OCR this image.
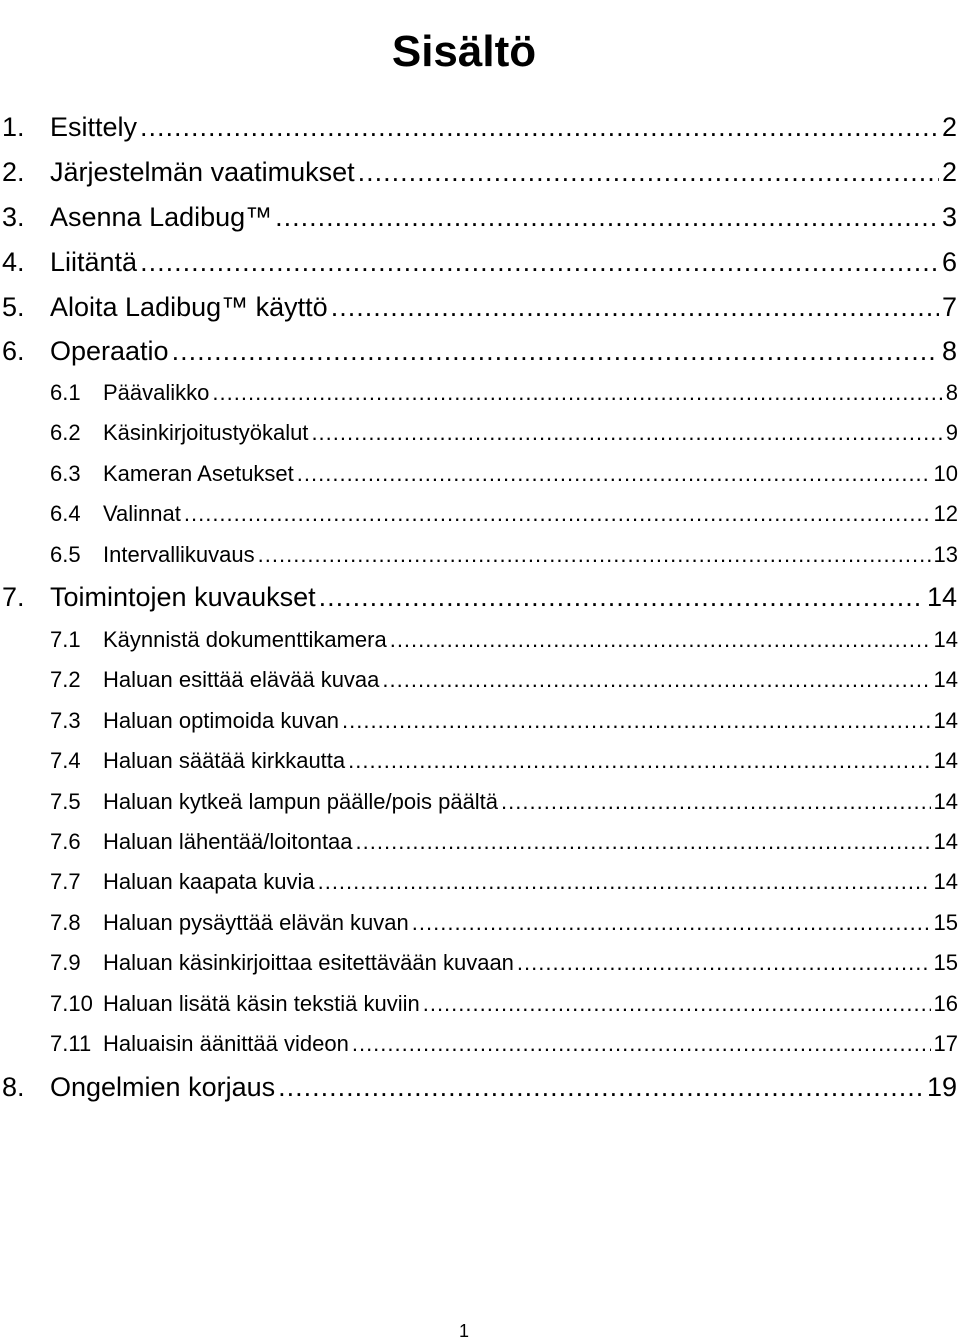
Sisältö
1. Esittely .....	2
2. Järjestelmän vaatimukset .....	2
3. Asenna Ladibug™ .....	3
4. Liitäntä .....	6
5. Aloita Ladibug™ käyttö .....	7
6. Operaatio .....	8
6.1	Päävalikko .....	8
6.2	Käsinkirjoitustyökalut .....	9
6.3	Kameran Asetukset .....	10
6.4	Valinnat .....	12
6.5	Intervallikuvaus .....	13
7. Toimintojen kuvaukset .....	14
7.1	Käynnistä dokumenttikamera .....	14
7.2	Haluan esittää elävää kuvaa .....	14
7.3	Haluan optimoida kuvan .....	14
7.4	Haluan säätää kirkkautta .....	14
7.5	Haluan kytkeä lampun päälle/pois päältä .....	14
7.6	Haluan lähentää/loitontaa .....	14
7.7	Haluan kaapata kuvia .....	14
7.8	Haluan pysäyttää elävän kuvan .....	15
7.9	Haluan käsinkirjoittaa esitettävään kuvaan .....	15
7.10 Haluan lisätä käsin tekstiä kuviin .....	16
7.11 Haluaisin äänittää videon .....	17
8. Ongelmien korjaus .....	19
1
